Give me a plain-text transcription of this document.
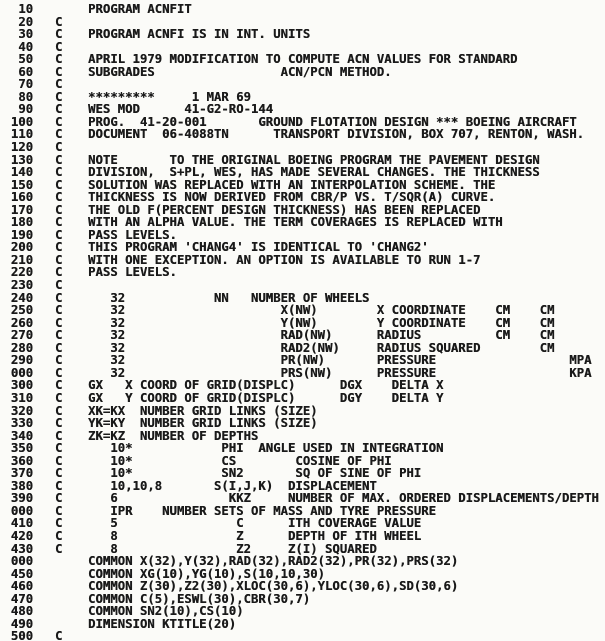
10	PROGRAM ACNFIT
20 C
30 C PROGRAM ACNFI IS IN INT. UNITS
40 C
50 C APRIL 1979 MODIFICATION TO COMPUTE ACN VALUES FOR STANDARD
60 C SUBGRADES                 ACN/PCN METHOD.
70 C
80 C *********     1 MAR 69
90 C WES MOD      41-G2-RO-144
100 C PROG.  41-20-001       GROUND FLOTATION DESIGN *** BOEING AIRCRAFT
110 C DOCUMENT  06-4088TN      TRANSPORT DIVISION, BOX 707, RENTON, WASH.
120 C
130 C NOTE       TO THE ORIGINAL BOEING PROGRAM THE PAVEMENT DESIGN
140 C DIVISION,  S+PL, WES, HAS MADE SEVERAL CHANGES. THE THICKNESS
150 C SOLUTION WAS REPLACED WITH AN INTERPOLATION SCHEME. THE
160 C THICKNESS IS NOW DERIVED FROM CBR/P VS. T/SQR(A) CURVE.
170 C THE OLD F(PERCENT DESIGN THICKNESS) HAS BEEN REPLACED
180 C WITH AN ALPHA VALUE. THE TERM COVERAGES IS REPLACED WITH
190 C PASS LEVELS.
200 C THIS PROGRAM 'CHANG4' IS IDENTICAL TO 'CHANG2'
210 C WITH ONE EXCEPTION. AN OPTION IS AVAILABLE TO RUN 1-7
220 C PASS LEVELS.
230 C
240 C 32            NN   NUMBER OF WHEELS
250 C 32                     X(NW)        X COORDINATE    CM    CM
260 C 32                     Y(NW)        Y COORDINATE    CM    CM
270 C 32                     RAD(NW)      RADIUS          CM    CM
280 C 32                     RAD2(NW)     RADIUS SQUARED        CM
290 C 32                     PR(NW)       PRESSURE                  MPA
000 C 32                     PRS(NW)      PRESSURE                  KPA
300 C GX   X COORD OF GRID(DISPLC)      DGX    DELTA X
310 C GX   Y COORD OF GRID(DISPLC)      DGY    DELTA Y
320 C XK=KX  NUMBER GRID LINKS (SIZE)
330 C YK=KY  NUMBER GRID LINKS (SIZE)
340 C ZK=KZ  NUMBER OF DEPTHS
350 C 10*            PHI  ANGLE USED IN INTEGRATION
360 C 10*            CS        COSINE OF PHI
370 C 10*            SN2       SQ OF SINE OF PHI
380 C 10,10,8       S(I,J,K)  DISPLACEMENT
390 C 6               KKZ     NUMBER OF MAX. ORDERED DISPLACEMENTS/DEPTH
000 C IPR    NUMBER SETS OF MASS AND TYRE PRESSURE
410 C 5                C      ITH COVERAGE VALUE
420 C 8                Z      DEPTH OF ITH WHEEL
430 C 8                Z2     Z(I) SQUARED
000	COMMON X(32),Y(32),RAD(32),RAD2(32),PR(32),PRS(32)
450	COMMON XG(10),YG(10),S(10,10,30)
460	COMMON Z(30),Z2(30),XLOC(30,6),YLOC(30,6),SD(30,6)
470	COMMON C(5),ESWL(30),CBR(30,7)
480	COMMON SN2(10),CS(10)
490	DIMENSION KTITLE(20)
500 C
